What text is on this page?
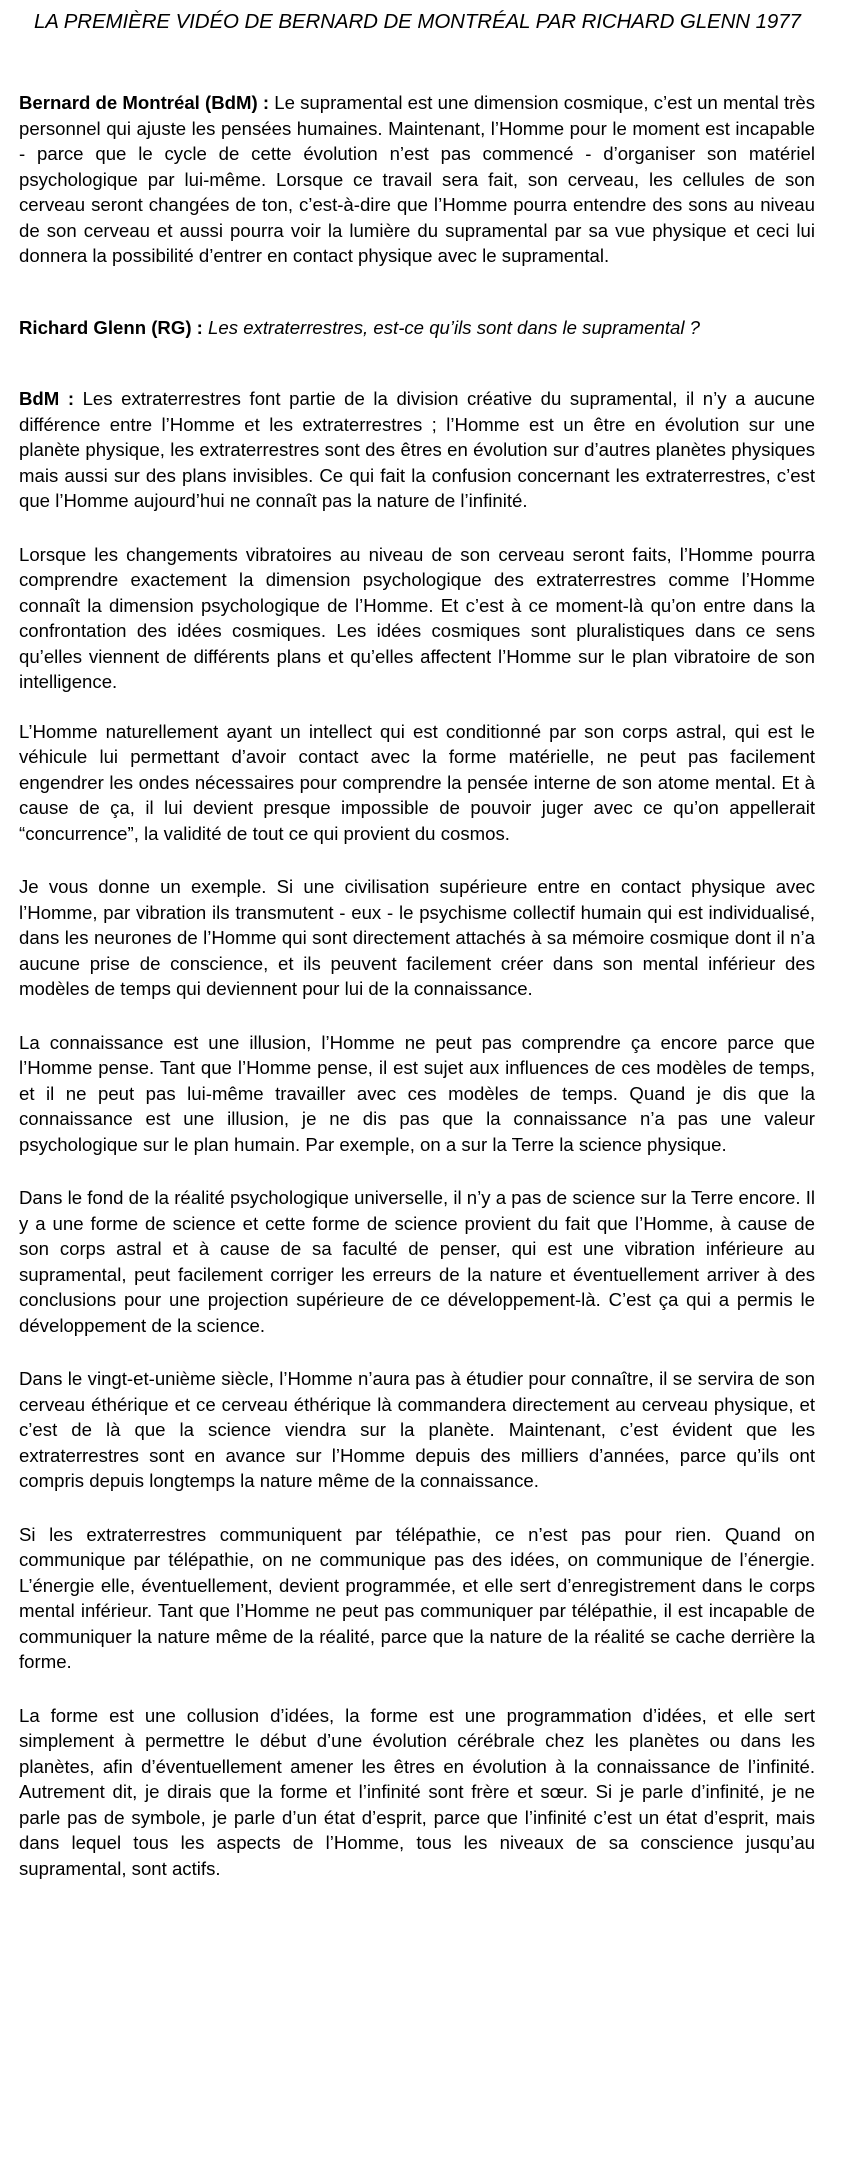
LA PREMIÈRE VIDÉO DE BERNARD DE MONTRÉAL PAR RICHARD GLENN 1977

Bernard de Montréal (BdM) : Le supramental est une dimension cosmique, c’est un mental très personnel qui ajuste les pensées humaines. Maintenant, l’Homme pour le moment est incapable - parce que le cycle de cette évolution n’est pas commencé - d’organiser son matériel psychologique par lui-même. Lorsque ce travail sera fait, son cerveau, les cellules de son cerveau seront changées de ton, c’est-à-dire que l’Homme pourra entendre des sons au niveau de son cerveau et aussi pourra voir la lumière du supramental par sa vue physique et ceci lui donnera la possibilité d’entrer en contact physique avec le supramental.

Richard Glenn (RG) : Les extraterrestres, est-ce qu’ils sont dans le supramental ?

BdM : Les extraterrestres font partie de la division créative du supramental, il n’y a aucune différence entre l’Homme et les extraterrestres ; l’Homme est un être en évolution sur une planète physique, les extraterrestres sont des êtres en évolution sur d’autres planètes physiques mais aussi sur des plans invisibles. Ce qui fait la confusion concernant les extraterrestres, c’est que l’Homme aujourd’hui ne connaît pas la nature de l’infinité.

Lorsque les changements vibratoires au niveau de son cerveau seront faits, l’Homme pourra comprendre exactement la dimension psychologique des extraterrestres comme l’Homme connaît la dimension psychologique de l’Homme. Et c’est à ce moment-là qu’on entre dans la confrontation des idées cosmiques. Les idées cosmiques sont pluralistiques dans ce sens qu’elles viennent de différents plans et qu’elles affectent l’Homme sur le plan vibratoire de son intelligence.

L’Homme naturellement ayant un intellect qui est conditionné par son corps astral, qui est le véhicule lui permettant d’avoir contact avec la forme matérielle, ne peut pas facilement engendrer les ondes nécessaires pour comprendre la pensée interne de son atome mental. Et à cause de ça, il lui devient presque impossible de pouvoir juger avec ce qu’on appellerait “concurrence”, la validité de tout ce qui provient du cosmos.

Je vous donne un exemple. Si une civilisation supérieure entre en contact physique avec l’Homme, par vibration ils transmutent - eux - le psychisme collectif humain qui est individualisé, dans les neurones de l’Homme qui sont directement attachés à sa mémoire cosmique dont il n’a aucune prise de conscience, et ils peuvent facilement créer dans son mental inférieur des modèles de temps qui deviennent pour lui de la connaissance.

La connaissance est une illusion, l’Homme ne peut pas comprendre ça encore parce que l’Homme pense. Tant que l’Homme pense, il est sujet aux influences de ces modèles de temps, et il ne peut pas lui-même travailler avec ces modèles de temps. Quand je dis que la connaissance est une illusion, je ne dis pas que la connaissance n’a pas une valeur psychologique sur le plan humain. Par exemple, on a sur la Terre la science physique.

Dans le fond de la réalité psychologique universelle, il n’y a pas de science sur la Terre encore. Il y a une forme de science et cette forme de science provient du fait que l’Homme, à cause de son corps astral et à cause de sa faculté de penser, qui est une vibration inférieure au supramental, peut facilement corriger les erreurs de la nature et éventuellement arriver à des conclusions pour une projection supérieure de ce développement-là. C’est ça qui a permis le développement de la science.

Dans le vingt-et-unième siècle, l’Homme n’aura pas à étudier pour connaître, il se servira de son cerveau éthérique et ce cerveau éthérique là commandera directement au cerveau physique, et c’est de là que la science viendra sur la planète. Maintenant, c’est évident que les extraterrestres sont en avance sur l’Homme depuis des milliers d’années, parce qu’ils ont compris depuis longtemps la nature même de la connaissance.

Si les extraterrestres communiquent par télépathie, ce n’est pas pour rien. Quand on communique par télépathie, on ne communique pas des idées, on communique de l’énergie. L’énergie elle, éventuellement, devient programmée, et elle sert d’enregistrement dans le corps mental inférieur. Tant que l’Homme ne peut pas communiquer par télépathie, il est incapable de communiquer la nature même de la réalité, parce que la nature de la réalité se cache derrière la forme.

La forme est une collusion d’idées, la forme est une programmation d’idées, et elle sert simplement à permettre le début d’une évolution cérébrale chez les planètes ou dans les planètes, afin d’éventuellement amener les êtres en évolution à la connaissance de l’infinité. Autrement dit, je dirais que la forme et l’infinité sont frère et sœur. Si je parle d’infinité, je ne parle pas de symbole, je parle d’un état d’esprit, parce que l’infinité c’est un état d’esprit, mais dans lequel tous les aspects de l’Homme, tous les niveaux de sa conscience jusqu’au supramental, sont actifs.
